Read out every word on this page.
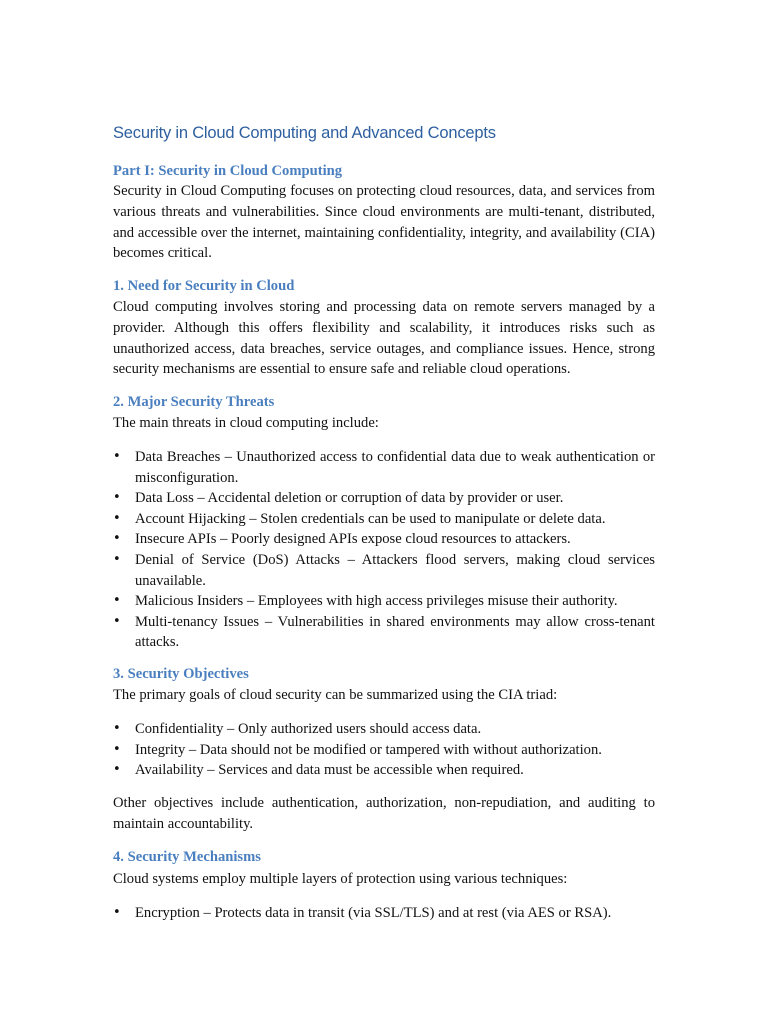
Security in Cloud Computing and Advanced Concepts
Part I: Security in Cloud Computing
Security in Cloud Computing focuses on protecting cloud resources, data, and services from various threats and vulnerabilities. Since cloud environments are multi-tenant, distributed, and accessible over the internet, maintaining confidentiality, integrity, and availability (CIA) becomes critical.
1. Need for Security in Cloud
Cloud computing involves storing and processing data on remote servers managed by a provider. Although this offers flexibility and scalability, it introduces risks such as unauthorized access, data breaches, service outages, and compliance issues. Hence, strong security mechanisms are essential to ensure safe and reliable cloud operations.
2. Major Security Threats
The main threats in cloud computing include:
• Data Breaches – Unauthorized access to confidential data due to weak authentication or misconfiguration.
• Data Loss – Accidental deletion or corruption of data by provider or user.
• Account Hijacking – Stolen credentials can be used to manipulate or delete data.
• Insecure APIs – Poorly designed APIs expose cloud resources to attackers.
• Denial of Service (DoS) Attacks – Attackers flood servers, making cloud services unavailable.
• Malicious Insiders – Employees with high access privileges misuse their authority.
• Multi-tenancy Issues – Vulnerabilities in shared environments may allow cross-tenant attacks.
3. Security Objectives
The primary goals of cloud security can be summarized using the CIA triad:
• Confidentiality – Only authorized users should access data.
• Integrity – Data should not be modified or tampered with without authorization.
• Availability – Services and data must be accessible when required.
Other objectives include authentication, authorization, non-repudiation, and auditing to maintain accountability.
4. Security Mechanisms
Cloud systems employ multiple layers of protection using various techniques:
• Encryption – Protects data in transit (via SSL/TLS) and at rest (via AES or RSA).
